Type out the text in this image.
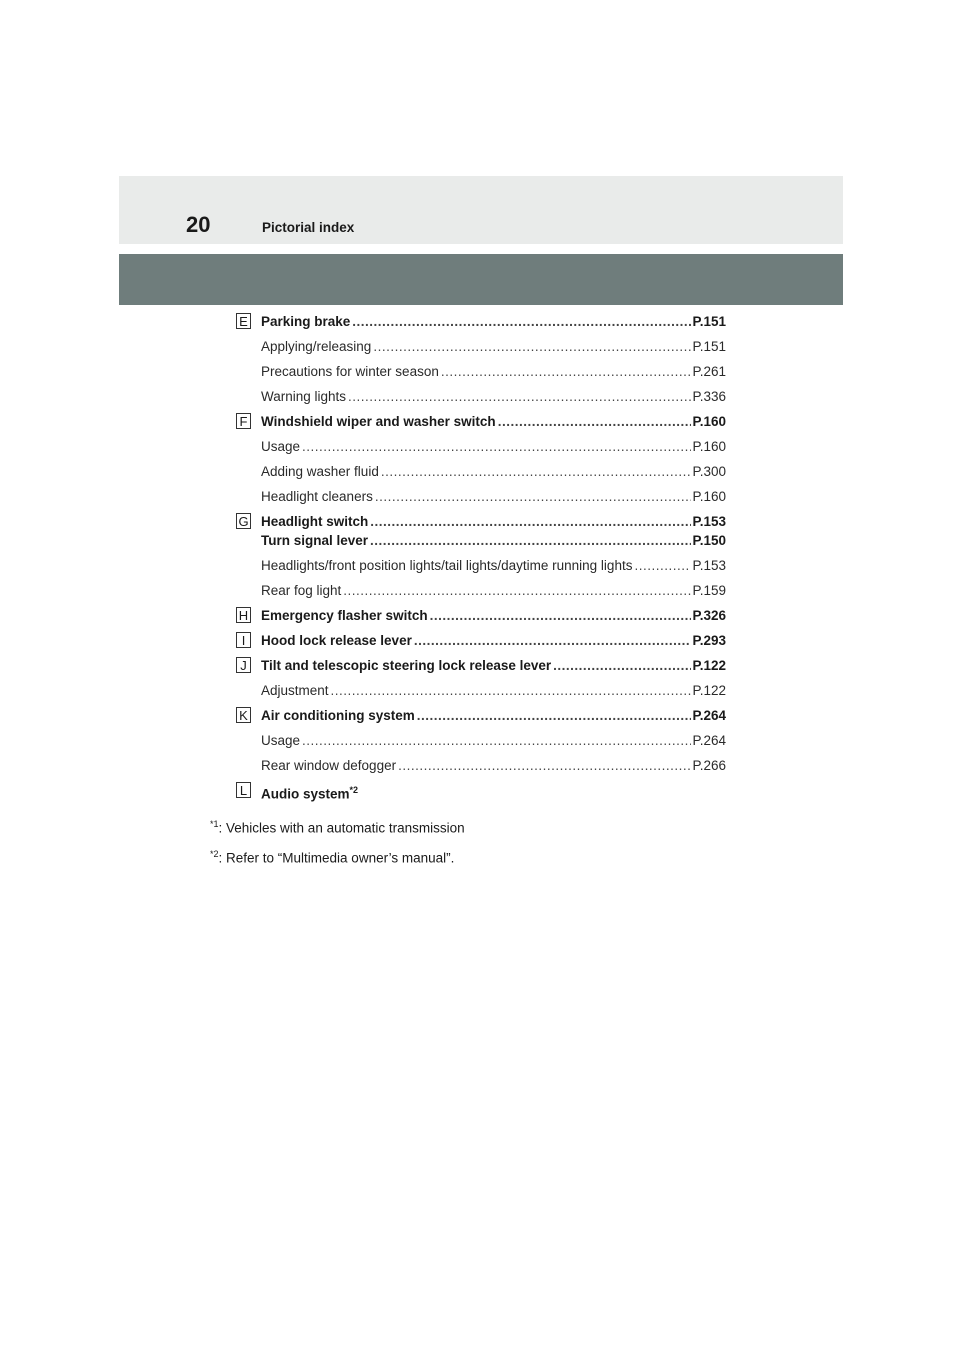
20	Pictorial index
E Parking brake .....	P.151
Applying/releasing .....	P.151
Precautions for winter season .....	P.261
Warning lights .....	P.336
F Windshield wiper and washer switch .....	P.160
Usage .....	P.160
Adding washer fluid .....	P.300
Headlight cleaners .....	P.160
G Headlight switch .....	P.153
Turn signal lever .....	P.150
Headlights/front position lights/tail lights/daytime running lights .....	P.153
Rear fog light .....	P.159
H Emergency flasher switch .....	P.326
I	Hood lock release lever .....	P.293
J	Tilt and telescopic steering lock release lever .....	P.122
Adjustment .....	P.122
K Air conditioning system .....	P.264
Usage .....	P.264
Rear window defogger .....	P.266
L Audio system$^{*2}$
$^{*1}$: Vehicles with an automatic transmission
$^{*2}$: Refer to “Multimedia owner’s manual”.
